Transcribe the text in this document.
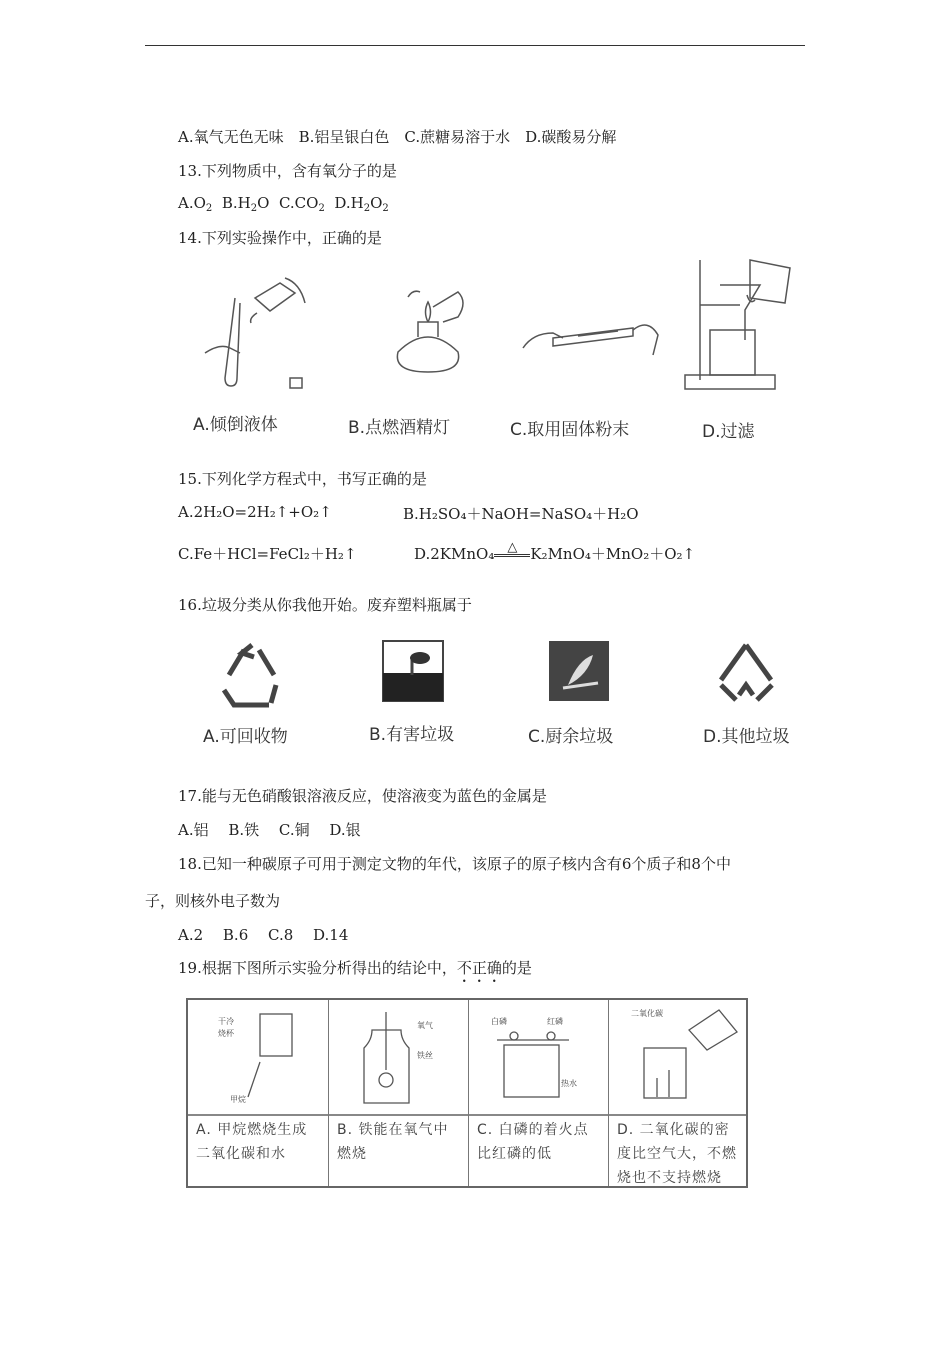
A.氧气无色无味　B.铝呈银白色　C.蔗糖易溶于水　D.碳酸易分解
13.下列物质中，含有氧分子的是
$A.O_2$ $B.H_2O$ $C.CO_2$ $D.H_2O_2$
14.下列实验操作中，正确的是
A.倾倒液体	B.点燃酒精灯	C.取用固体粉末	D.过滤
15.下列化学方程式中，书写正确的是
A.2H₂O=2H₂↑+O₂↑	B.H₂SO₄＋NaOH=NaSO₄＋H₂O
C.Fe＋HCl=FeCl₂＋H₂↑	D.2KMnO₄ △ K₂MnO₄＋MnO₂＋O₂↑
16.垃圾分类从你我他开始。废弃塑料瓶属于
A.可回收物	B.有害垃圾	C.厨余垃圾	D.其他垃圾
17.能与无色硝酸银溶液反应，使溶液变为蓝色的金属是
A.铝　 B.铁　 C.铜　 D.银
18.已知一种碳原子可用于测定文物的年代，该原子的原子核内含有6个质子和8个中
子，则核外电子数为
A.2　 B.6　 C.8　 D.14
19.根据下图所示实验分析得出的结论中，不正确的是
干冷
烧杯
甲烷
A. 甲烷燃烧生成二氧化碳和水
氧气
铁丝
B. 铁能在氧气中燃烧
白磷	红磷
热水
C. 白磷的着火点比红磷的低
二氧化碳
D. 二氧化碳的密度比空气大，不燃烧也不支持燃烧
